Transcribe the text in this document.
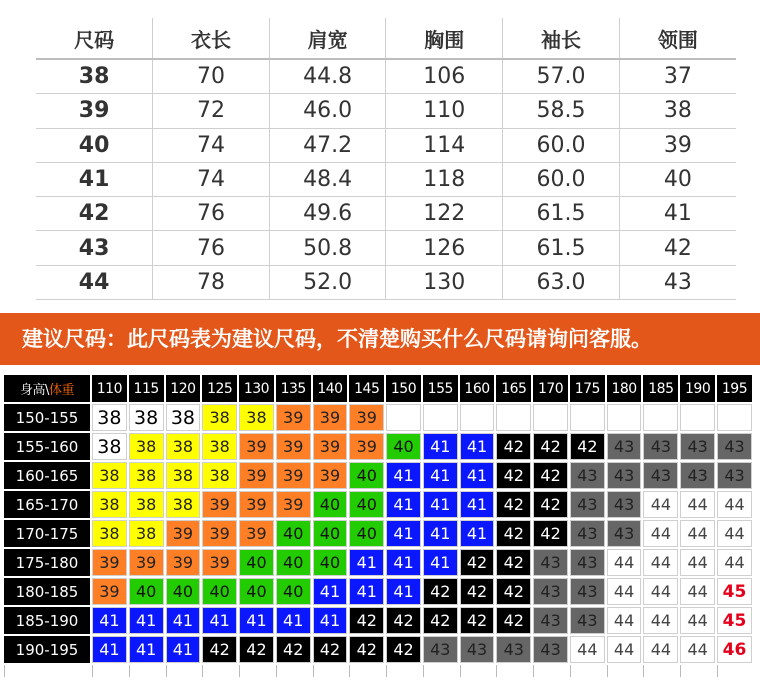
尺码	衣长	肩宽	胸围	袖长	领围
38	70	44.8	106	57.0	37
39	72	46.0	110	58.5	38
40	74	47.2	114	60.0	39
41	74	48.4	118	60.0	40
42	76	49.6	122	61.5	41
43	76	50.8	126	61.5	42
44	78	52.0	130	63.0	43
建议尺码：此尺码表为建议尺码，不清楚购买什么尺码请询问客服。
身高\体重	110	115	120	125	130	135	140	145	150	155	160	165	170	175	180	185	190	195
150-155	38	38	38	38	38	39	39	39										
155-160	38	38	38	38	39	39	39	39	40	41	41	42	42	42	43	43	43	43
160-165	38	38	38	38	39	39	39	40	41	41	41	42	42	43	43	43	43	43
165-170	38	38	38	39	39	39	40	40	41	41	41	42	42	43	43	44	44	44
170-175	38	38	39	39	39	40	40	40	41	41	41	42	42	43	43	44	44	44
175-180	39	39	39	39	40	40	40	41	41	41	42	42	43	43	44	44	44	44
180-185	39	40	40	40	40	40	41	41	41	42	42	42	43	43	44	44	44	45
185-190	41	41	41	41	41	41	41	42	42	42	42	42	43	43	44	44	44	45
190-195	41	41	41	42	42	42	42	42	42	43	43	43	43	44	44	44	44	46
